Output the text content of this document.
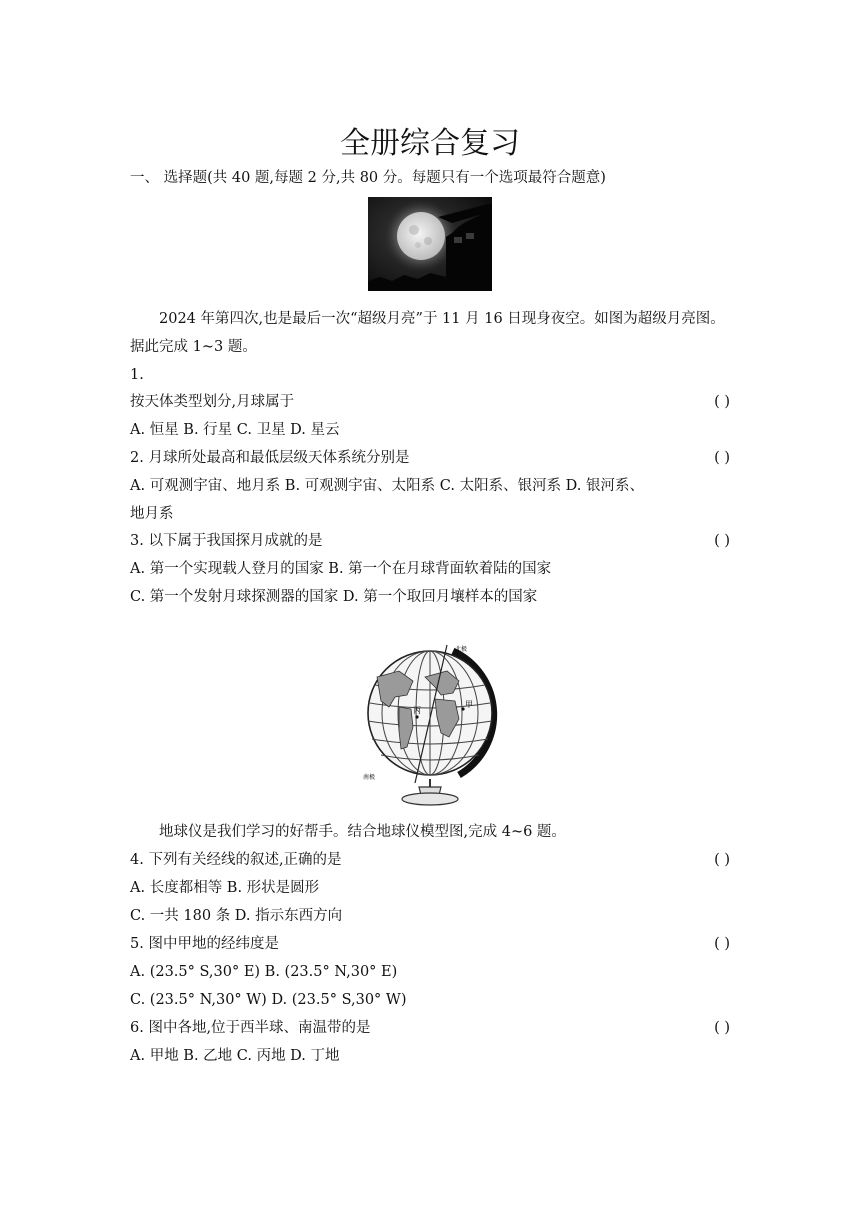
全册综合复习
一、 选择题(共 40 题,每题 2 分,共 80 分。每题只有一个选项最符合题意)
2024 年第四次,也是最后一次“超级月亮”于 11 月 16 日现身夜空。如图为超级月亮图。
据此完成 1~3 题。
1.
按天体类型划分,月球属于	( )
A. 恒星 B. 行星 C. 卫星 D. 星云
2. 月球所处最高和最低层级天体系统分别是	( )
A. 可观测宇宙、地月系 B. 可观测宇宙、太阳系 C. 太阳系、银河系 D. 银河系、
地月系
3. 以下属于我国探月成就的是	( )
A. 第一个实现载人登月的国家 B. 第一个在月球背面软着陆的国家
C. 第一个发射月球探测器的国家 D. 第一个取回月壤样本的国家
丙
甲
北极
南极
地球仪是我们学习的好帮手。结合地球仪模型图,完成 4~6 题。
4. 下列有关经线的叙述,正确的是	( )
A. 长度都相等 B. 形状是圆形
C. 一共 180 条 D. 指示东西方向
5. 图中甲地的经纬度是	( )
A. (23.5° S,30° E) B. (23.5° N,30° E)
C. (23.5° N,30° W) D. (23.5° S,30° W)
6. 图中各地,位于西半球、南温带的是	( )
A. 甲地 B. 乙地 C. 丙地 D. 丁地
